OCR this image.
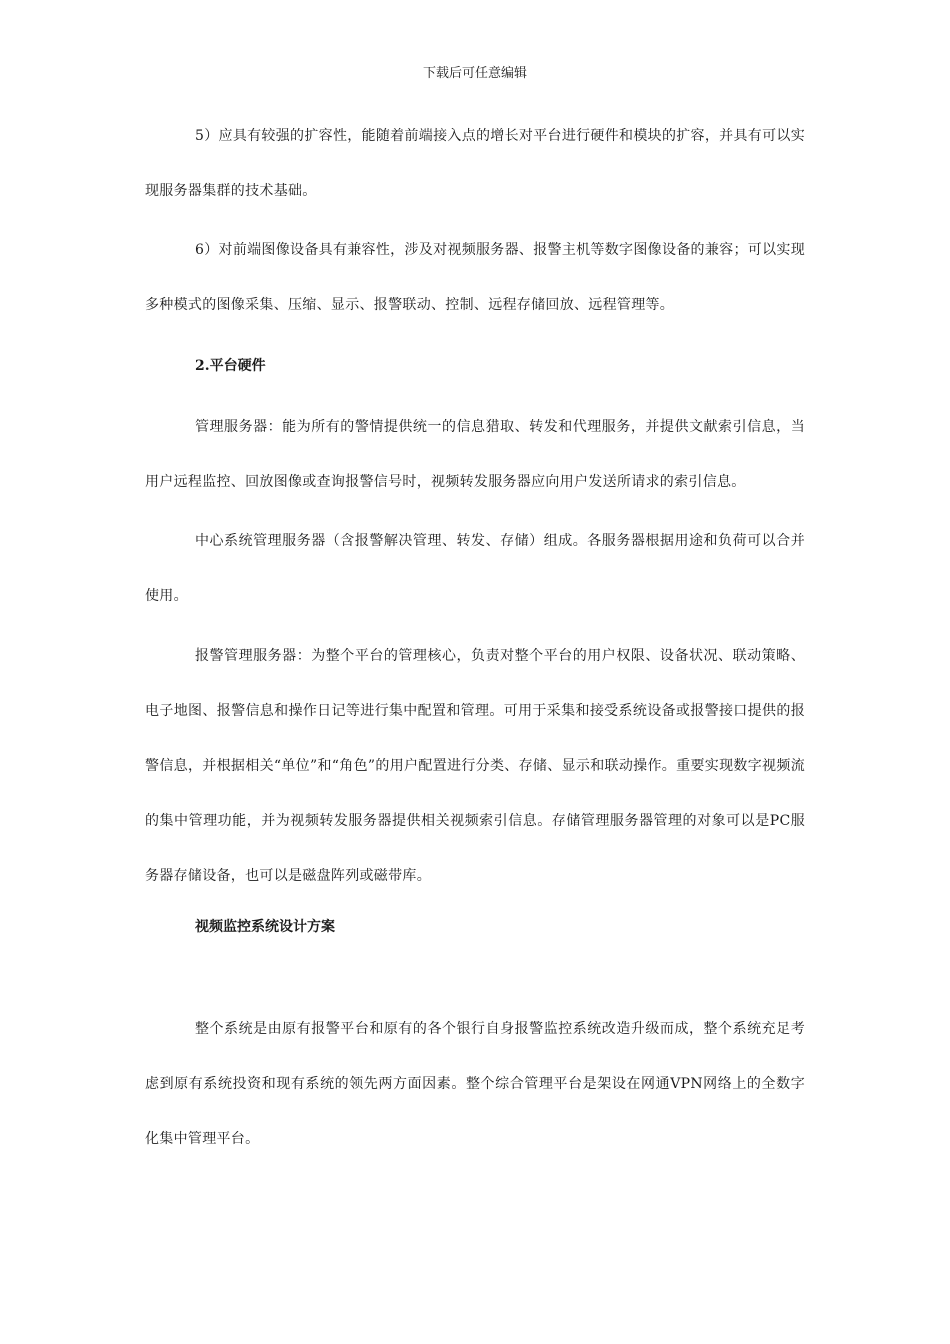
下载后可任意编辑

5）应具有较强的扩容性，能随着前端接入点的增长对平台进行硬件和模块的扩容，并具有可以实现服务器集群的技术基础。

6）对前端图像设备具有兼容性，涉及对视频服务器、报警主机等数字图像设备的兼容；可以实现多种模式的图像采集、压缩、显示、报警联动、控制、远程存储回放、远程管理等。

2.平台硬件

管理服务器：能为所有的警情提供统一的信息猎取、转发和代理服务，并提供文献索引信息，当用户远程监控、回放图像或查询报警信号时，视频转发服务器应向用户发送所请求的索引信息。

中心系统管理服务器（含报警解决管理、转发、存储）组成。各服务器根据用途和负荷可以合并使用。

报警管理服务器：为整个平台的管理核心，负责对整个平台的用户权限、设备状况、联动策略、电子地图、报警信息和操作日记等进行集中配置和管理。可用于采集和接受系统设备或报警接口提供的报警信息，并根据相关“单位”和“角色”的用户配置进行分类、存储、显示和联动操作。重要实现数字视频流的集中管理功能，并为视频转发服务器提供相关视频索引信息。存储管理服务器管理的对象可以是PC服务器存储设备，也可以是磁盘阵列或磁带库。

视频监控系统设计方案

整个系统是由原有报警平台和原有的各个银行自身报警监控系统改造升级而成，整个系统充足考虑到原有系统投资和现有系统的领先两方面因素。整个综合管理平台是架设在网通VPN网络上的全数字化集中管理平台。
